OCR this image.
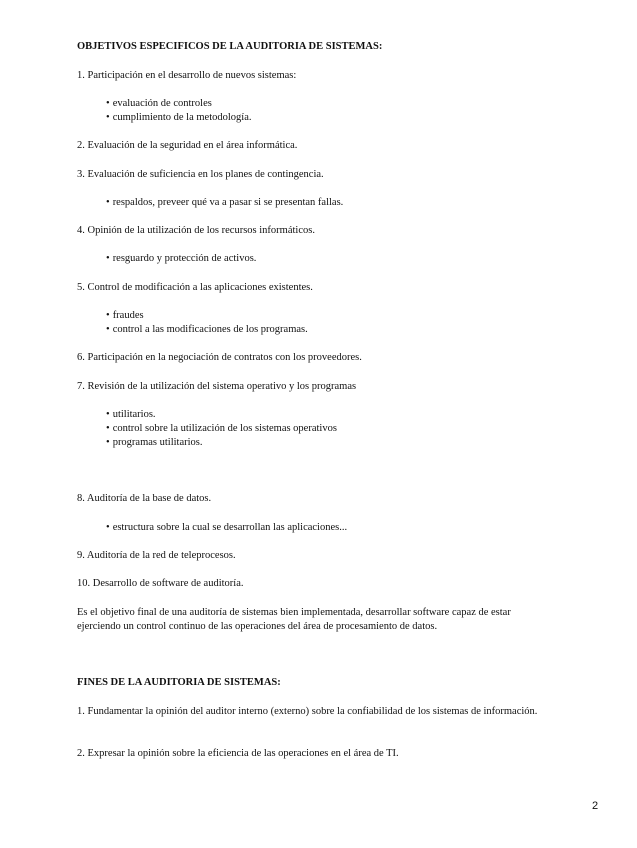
OBJETIVOS ESPECIFICOS DE LA AUDITORIA DE SISTEMAS:
1. Participación en el desarrollo de nuevos sistemas:
• evaluación de controles
• cumplimiento de la metodología.
2. Evaluación de la seguridad en el área informática.
3. Evaluación de suficiencia en los planes de contingencia.
• respaldos, preveer qué va a pasar si se presentan fallas.
4. Opinión de la utilización de los recursos informáticos.
• resguardo y protección de activos.
5. Control de modificación a las aplicaciones existentes.
• fraudes
• control a las modificaciones de los programas.
6. Participación en la negociación de contratos con los proveedores.
7. Revisión de la utilización del sistema operativo y los programas
• utilitarios.
• control sobre la utilización de los sistemas operativos
• programas utilitarios.
8. Auditoría de la base de datos.
• estructura sobre la cual se desarrollan las aplicaciones...
9. Auditoría de la red de teleprocesos.
10. Desarrollo de software de auditoría.
Es el objetivo final de una auditoría de sistemas bien implementada, desarrollar software capaz de estar
ejerciendo un control continuo de las operaciones del área de procesamiento de datos.
FINES DE LA AUDITORIA DE SISTEMAS:
1. Fundamentar la opinión del auditor interno (externo) sobre la confiabilidad de los sistemas de información.
2. Expresar la opinión sobre la eficiencia de las operaciones en el área de TI.
2
